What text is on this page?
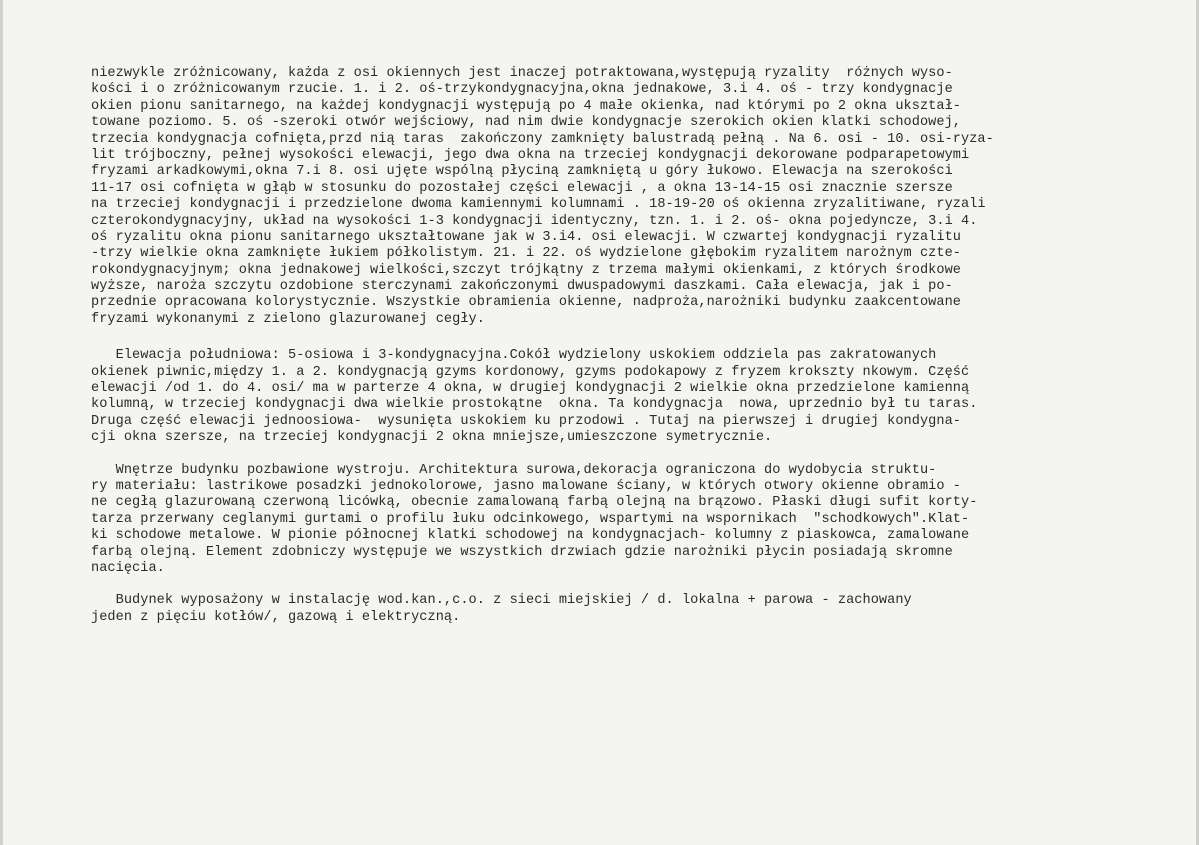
niezwykle zróżnicowany, każda z osi okiennych jest inaczej potraktowana,występują ryzality  różnych wyso-
kości i o zróżnicowanym rzucie. 1. i 2. oś-trzykondygnacyjna,okna jednakowe, 3.i 4. oś - trzy kondygnacje
okien pionu sanitarnego, na każdej kondygnacji występują po 4 małe okienka, nad którymi po 2 okna ukształ-
towane poziomo. 5. oś -szeroki otwór wejściowy, nad nim dwie kondygnacje szerokich okien klatki schodowej,
trzecia kondygnacja cofnięta,przd nią taras  zakończony zamknięty balustradą pełną . Na 6. osi - 10. osi-ryza-
lit trójboczny, pełnej wysokości elewacji, jego dwa okna na trzeciej kondygnacji dekorowane podparapetowymi
fryzami arkadkowymi,okna 7.i 8. osi ujęte wspólną płyciną zamkniętą u góry łukowo. Elewacja na szerokości
11-17 osi cofnięta w głąb w stosunku do pozostałej części elewacji , a okna 13-14-15 osi znacznie szersze
na trzeciej kondygnacji i przedzielone dwoma kamiennymi kolumnami . 18-19-20 oś okienna zryzalitiwane, ryzali
czterokondygnacyjny, układ na wysokości 1-3 kondygnacji identyczny, tzn. 1. i 2. oś- okna pojedyncze, 3.i 4.
oś ryzalitu okna pionu sanitarnego ukształtowane jak w 3.i4. osi elewacji. W czwartej kondygnacji ryzalitu
-trzy wielkie okna zamknięte łukiem półkolistym. 21. i 22. oś wydzielone głębokim ryzalitem narożnym czte-
rokondygnacyjnym; okna jednakowej wielkości,szczyt trójkątny z trzema małymi okienkami, z których środkowe
wyższe, naroża szczytu ozdobione sterczynami zakończonymi dwuspadowymi daszkami. Cała elewacja, jak i po-
przednie opracowana kolorystycznie. Wszystkie obramienia okienne, nadproża,narożniki budynku zaakcentowane
fryzami wykonanymi z zielono glazurowanej cegły.
Elewacja południowa: 5-osiowa i 3-kondygnacyjna.Cokół wydzielony uskokiem oddziela pas zakratowanych
okienek piwnic,między 1. a 2. kondygnacją gzyms kordonowy, gzyms podokapowy z fryzem krokszty nkowym. Część
elewacji /od 1. do 4. osi/ ma w parterze 4 okna, w drugiej kondygnacji 2 wielkie okna przedzielone kamienną
kolumną, w trzeciej kondygnacji dwa wielkie prostokątne  okna. Ta kondygnacja  nowa, uprzednio był tu taras.
Druga część elewacji jednoosiowa-  wysunięta uskokiem ku przodowi . Tutaj na pierwszej i drugiej kondygna-
cji okna szersze, na trzeciej kondygnacji 2 okna mniejsze,umieszczone symetrycznie.
Wnętrze budynku pozbawione wystroju. Architektura surowa,dekoracja ograniczona do wydobycia struktu-
ry materiału: lastrikowe posadzki jednokolorowe, jasno malowane ściany, w których otwory okienne obramio -
ne cegłą glazurowaną czerwoną licówką, obecnie zamalowaną farbą olejną na brązowo. Płaski długi sufit korty-
tarza przerwany ceglanymi gurtami o profilu łuku odcinkowego, wspartymi na wspornikach  "schodkowych".Klat-
ki schodowe metalowe. W pionie północnej klatki schodowej na kondygnacjach- kolumny z piaskowca, zamalowane
farbą olejną. Element zdobniczy występuje we wszystkich drzwiach gdzie narożniki płycin posiadają skromne
nacięcia.
Budynek wyposażony w instalację wod.kan.,c.o. z sieci miejskiej / d. lokalna + parowa - zachowany
jeden z pięciu kotłów/, gazową i elektryczną.
